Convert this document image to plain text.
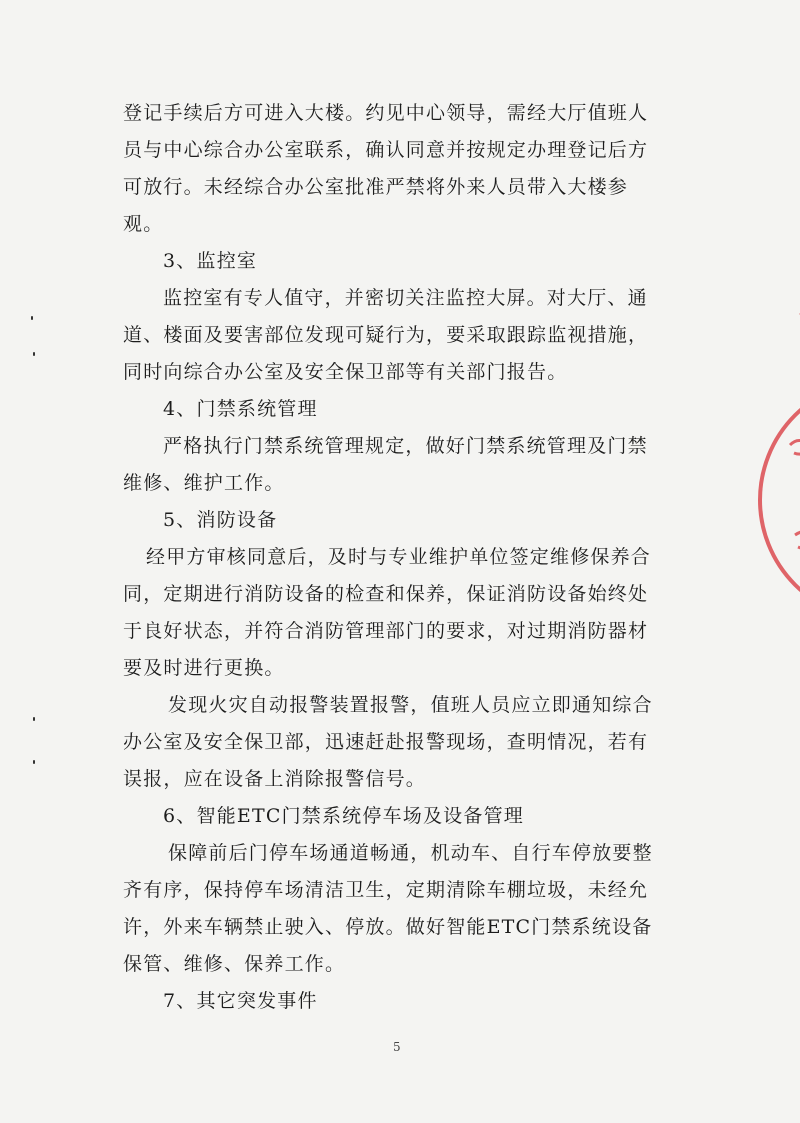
登记手续后方可进入大楼。约见中心领导，需经大厅值班人
员与中心综合办公室联系，确认同意并按规定办理登记后方
可放行。未经综合办公室批准严禁将外来人员带入大楼参
观。
3、监控室
监控室有专人值守，并密切关注监控大屏。对大厅、通
道、楼面及要害部位发现可疑行为，要采取跟踪监视措施，
同时向综合办公室及安全保卫部等有关部门报告。
4、门禁系统管理
严格执行门禁系统管理规定，做好门禁系统管理及门禁
维修、维护工作。
5、消防设备
经甲方审核同意后，及时与专业维护单位签定维修保养合
同，定期进行消防设备的检查和保养，保证消防设备始终处
于良好状态，并符合消防管理部门的要求，对过期消防器材
要及时进行更换。
发现火灾自动报警装置报警，值班人员应立即通知综合
办公室及安全保卫部，迅速赶赴报警现场，查明情况，若有
误报，应在设备上消除报警信号。
6、智能ETC门禁系统停车场及设备管理
保障前后门停车场通道畅通，机动车、自行车停放要整
齐有序，保持停车场清洁卫生，定期清除车棚垃圾，未经允
许，外来车辆禁止驶入、停放。做好智能ETC门禁系统设备
保管、维修、保养工作。
7、其它突发事件
5
